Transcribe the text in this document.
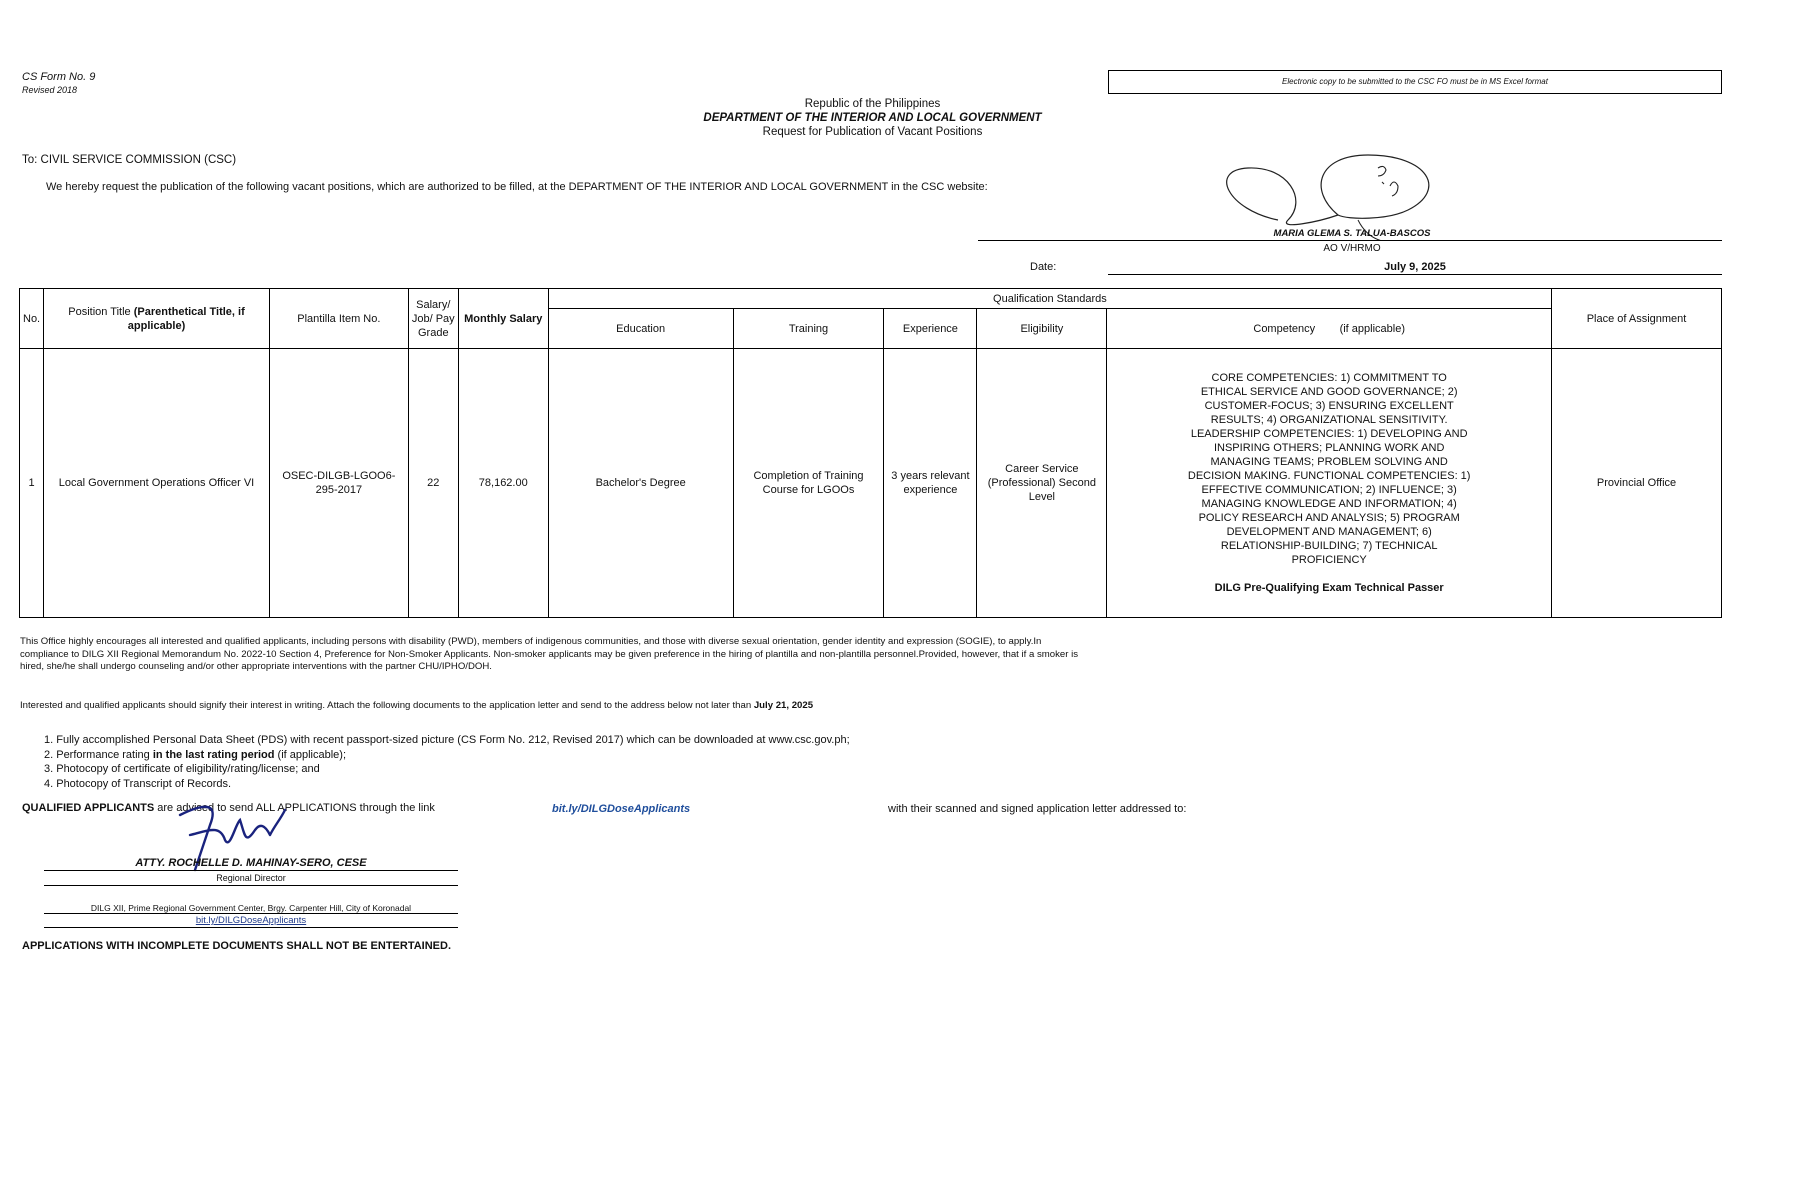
CS Form No. 9
Revised 2018
Electronic copy to be submitted to the CSC FO must be in MS Excel format
Republic of the Philippines
DEPARTMENT OF THE INTERIOR AND LOCAL GOVERNMENT
Request for Publication of Vacant Positions
To: CIVIL SERVICE COMMISSION (CSC)
We hereby request the publication of the following vacant positions, which are authorized to be filled, at the DEPARTMENT OF THE INTERIOR AND LOCAL GOVERNMENT in the CSC website:
MARIA GLEMA S. TALUA-BASCOS
AO V/HRMO
Date:	July 9, 2025
No.	Position Title (Parenthetical Title, if applicable)	Plantilla Item No.	Salary/ Job/ Pay Grade	Monthly Salary	Qualification Standards					Place of Assignment
					Education	Training	Experience	Eligibility	Competency        (if applicable)	
1	Local Government Operations Officer VI	OSEC-DILGB-LGOO6-295-2017	22	78,162.00	Bachelor's Degree	Completion of Training Course for LGOOs	3 years relevant experience	Career Service (Professional) Second Level	CORE COMPETENCIES: 1) COMMITMENT TO ETHICAL SERVICE AND GOOD GOVERNANCE; 2) CUSTOMER-FOCUS; 3) ENSURING EXCELLENT RESULTS; 4) ORGANIZATIONAL SENSITIVITY. LEADERSHIP COMPETENCIES: 1) DEVELOPING AND INSPIRING OTHERS; PLANNING WORK AND MANAGING TEAMS; PROBLEM SOLVING AND DECISION MAKING. FUNCTIONAL COMPETENCIES: 1) EFFECTIVE COMMUNICATION; 2) INFLUENCE; 3) MANAGING KNOWLEDGE AND INFORMATION; 4) POLICY RESEARCH AND ANALYSIS; 5) PROGRAM DEVELOPMENT AND MANAGEMENT; 6) RELATIONSHIP-BUILDING; 7) TECHNICAL PROFICIENCY
DILG Pre-Qualifying Exam Technical Passer	Provincial Office
This Office highly encourages all interested and qualified applicants, including persons with disability (PWD), members of indigenous communities, and those with diverse sexual orientation, gender identity and expression (SOGIE), to apply.In compliance to DILG XII Regional Memorandum No. 2022-10 Section 4, Preference for Non-Smoker Applicants. Non-smoker applicants may be given preference in the hiring of plantilla and non-plantilla personnel.Provided, however, that if a smoker is hired, she/he shall undergo counseling and/or other appropriate interventions with the partner CHU/IPHO/DOH.
Interested and qualified applicants should signify their interest in writing. Attach the following documents to the application letter and send to the address below not later than July 21, 2025
1. Fully accomplished Personal Data Sheet (PDS) with recent passport-sized picture (CS Form No. 212, Revised 2017) which can be downloaded at www.csc.gov.ph;
2. Performance rating in the last rating period (if applicable);
3. Photocopy of certificate of eligibility/rating/license; and
4. Photocopy of Transcript of Records.
QUALIFIED APPLICANTS are advised to send ALL APPLICATIONS through the link	bit.ly/DILGDoseApplicants	with their scanned and signed application letter addressed to:
ATTY. ROCHELLE D. MAHINAY-SERO, CESE
Regional Director
DILG XII, Prime Regional Government Center, Brgy. Carpenter Hill, City of Koronadal
bit.ly/DILGDoseApplicants
APPLICATIONS WITH INCOMPLETE DOCUMENTS SHALL NOT BE ENTERTAINED.
